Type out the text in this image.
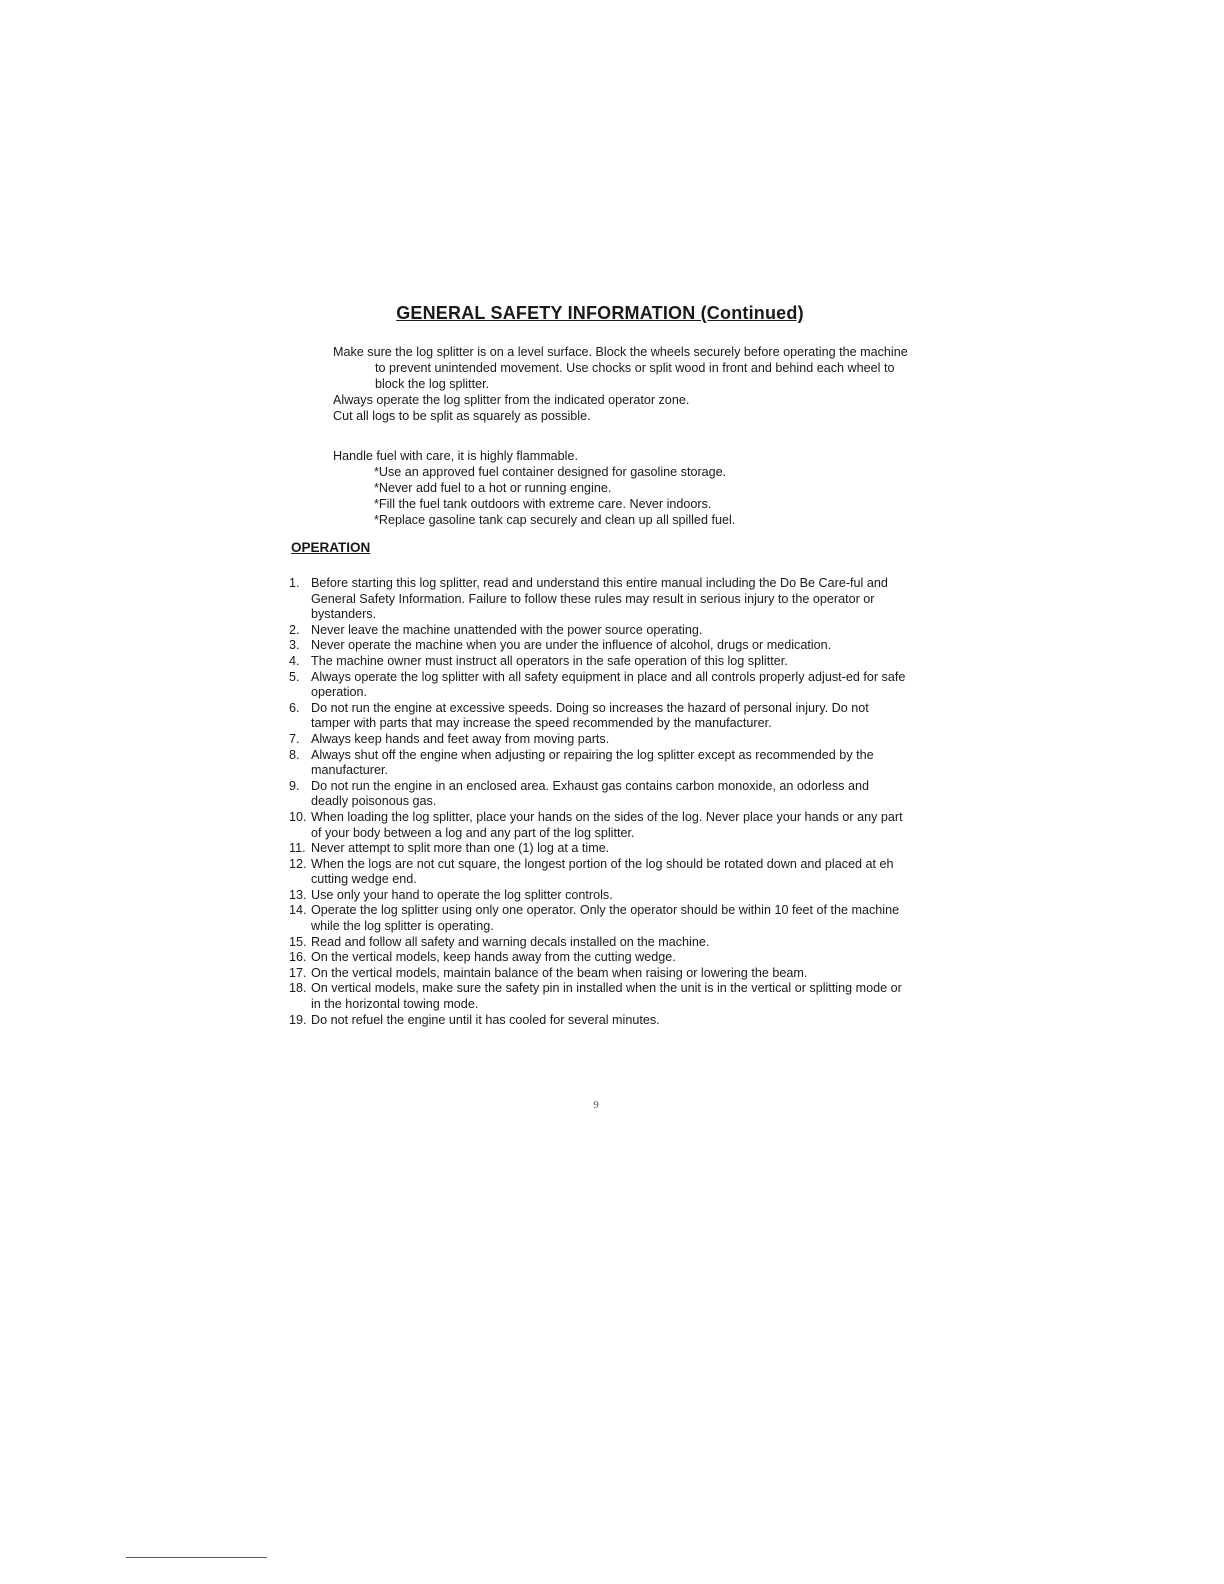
GENERAL SAFETY INFORMATION (Continued)

Make sure the log splitter is on a level surface. Block the wheels securely before operating the machine to prevent unintended movement. Use chocks or split wood in front and behind each wheel to block the log splitter.

Always operate the log splitter from the indicated operator zone.

Cut all logs to be split as squarely as possible.

Handle fuel with care, it is highly flammable.

*Use an approved fuel container designed for gasoline storage.

*Never add fuel to a hot or running engine.

*Fill the fuel tank outdoors with extreme care. Never indoors.

*Replace gasoline tank cap securely and clean up all spilled fuel.

OPERATION
1. Before starting this log splitter, read and understand this entire manual including the Do Be Care-ful and General Safety Information. Failure to follow these rules may result in serious injury to the operator or bystanders.
2. Never leave the machine unattended with the power source operating.
3. Never operate the machine when you are under the influence of alcohol, drugs or medication.
4. The machine owner must instruct all operators in the safe operation of this log splitter.
5. Always operate the log splitter with all safety equipment in place and all controls properly adjust-ed for safe operation.
6. Do not run the engine at excessive speeds. Doing so increases the hazard of personal injury. Do not tamper with parts that may increase the speed recommended by the manufacturer.
7. Always keep hands and feet away from moving parts.
8. Always shut off the engine when adjusting or repairing the log splitter except as recommended by the manufacturer.
9. Do not run the engine in an enclosed area. Exhaust gas contains carbon monoxide, an odorless and deadly poisonous gas.
10. When loading the log splitter, place your hands on the sides of the log. Never place your hands or any part of your body between a log and any part of the log splitter.
11. Never attempt to split more than one (1) log at a time.
12. When the logs are not cut square, the longest portion of the log should be rotated down and placed at eh cutting wedge end.
13. Use only your hand to operate the log splitter controls.
14. Operate the log splitter using only one operator. Only the operator should be within 10 feet of the machine while the log splitter is operating.
15. Read and follow all safety and warning decals installed on the machine.
16. On the vertical models, keep hands away from the cutting wedge.
17. On the vertical models, maintain balance of the beam when raising or lowering the beam.
18. On vertical models, make sure the safety pin in installed when the unit is in the vertical or splitting mode or in the horizontal towing mode.
19. Do not refuel the engine until it has cooled for several minutes.
9
